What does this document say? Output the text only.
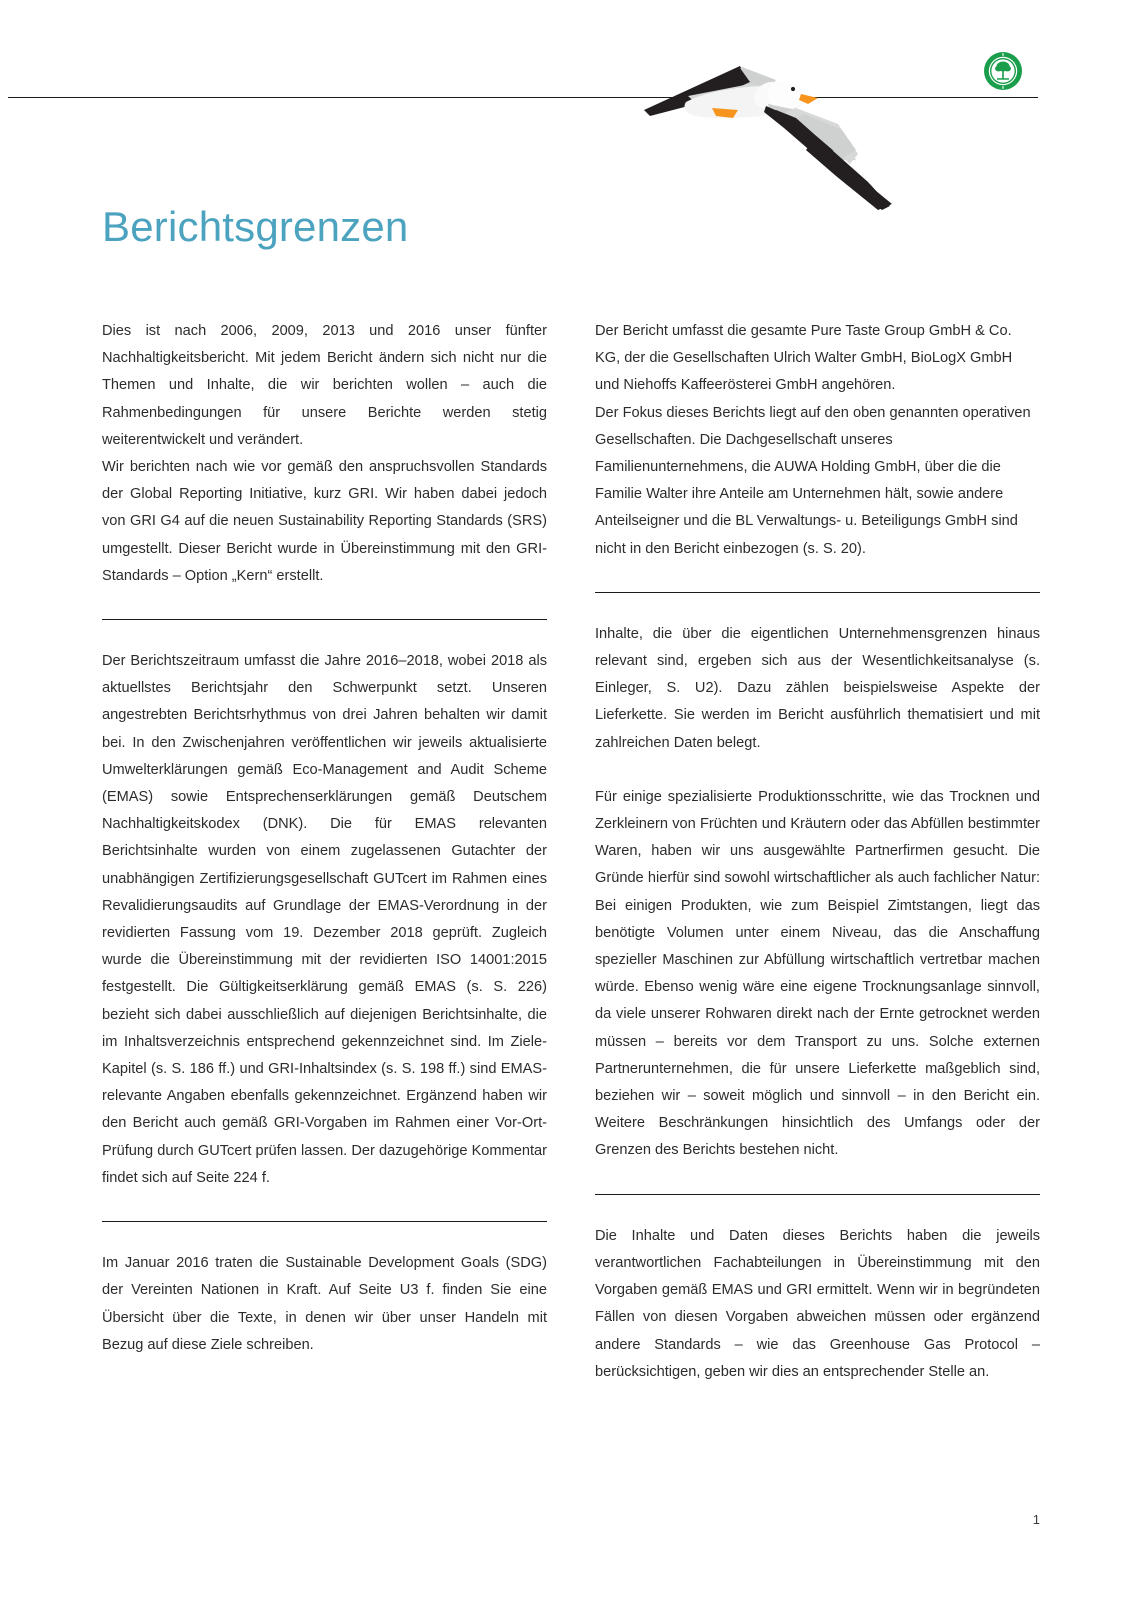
Berichtsgrenzen

Dies ist nach 2006, 2009, 2013 und 2016 unser fünfter Nachhaltigkeitsbericht. Mit jedem Bericht ändern sich nicht nur die Themen und Inhalte, die wir berichten wollen – auch die Rahmenbedingungen für unsere Berichte werden stetig weiterentwickelt und verändert.

Wir berichten nach wie vor gemäß den anspruchsvollen Standards der Global Reporting Initiative, kurz GRI. Wir haben dabei jedoch von GRI G4 auf die neuen Sustainability Reporting Standards (SRS) umgestellt. Dieser Bericht wurde in Übereinstimmung mit den GRI-Standards – Option „Kern“ erstellt.

Der Berichtszeitraum umfasst die Jahre 2016–2018, wobei 2018 als aktuellstes Berichtsjahr den Schwerpunkt setzt. Unseren angestrebten Berichtsrhythmus von drei Jahren behalten wir damit bei. In den Zwischenjahren veröffentlichen wir jeweils aktualisierte Umwelterklärungen gemäß Eco-Management and Audit Scheme (EMAS) sowie Entsprechenserklärungen gemäß Deutschem Nachhaltigkeitskodex (DNK). Die für EMAS relevanten Berichtsinhalte wurden von einem zugelassenen Gutachter der unabhängigen Zertifizierungsgesellschaft GUTcert im Rahmen eines Revalidierungsaudits auf Grundlage der EMAS-Verordnung in der revidierten Fassung vom 19. Dezember 2018 geprüft. Zugleich wurde die Übereinstimmung mit der revidierten ISO 14001:2015 festgestellt. Die Gültigkeitserklärung gemäß EMAS (s. S. 226) bezieht sich dabei ausschließlich auf diejenigen Berichtsinhalte, die im Inhaltsverzeichnis entsprechend gekennzeichnet sind. Im Ziele-Kapitel (s. S. 186 ff.) und GRI-Inhaltsindex (s. S. 198 ff.) sind EMAS-relevante Angaben ebenfalls gekennzeichnet. Ergänzend haben wir den Bericht auch gemäß GRI-Vorgaben im Rahmen einer Vor-Ort-Prüfung durch GUTcert prüfen lassen. Der dazugehörige Kommentar findet sich auf Seite 224 f.

Im Januar 2016 traten die Sustainable Development Goals (SDG) der Vereinten Nationen in Kraft. Auf Seite U3 f. finden Sie eine Übersicht über die Texte, in denen wir über unser Handeln mit Bezug auf diese Ziele schreiben.

Der Bericht umfasst die gesamte Pure Taste Group GmbH & Co. KG, der die Gesellschaften Ulrich Walter GmbH, BioLogX GmbH und Niehoffs Kaffeerösterei GmbH angehören.

Der Fokus dieses Berichts liegt auf den oben genannten operativen Gesellschaften. Die Dachgesellschaft unseres Familienunternehmens, die AUWA Holding GmbH, über die die Familie Walter ihre Anteile am Unternehmen hält, sowie andere Anteilseigner und die BL Verwaltungs- u. Beteiligungs GmbH sind nicht in den Bericht einbezogen (s. S. 20).

Inhalte, die über die eigentlichen Unternehmensgrenzen hinaus relevant sind, ergeben sich aus der Wesentlichkeitsanalyse (s. Einleger, S. U2). Dazu zählen beispielsweise Aspekte der Lieferkette. Sie werden im Bericht ausführlich thematisiert und mit zahlreichen Daten belegt.

Für einige spezialisierte Produktionsschritte, wie das Trocknen und Zerkleinern von Früchten und Kräutern oder das Abfüllen bestimmter Waren, haben wir uns ausgewählte Partnerfirmen gesucht. Die Gründe hierfür sind sowohl wirtschaftlicher als auch fachlicher Natur: Bei einigen Produkten, wie zum Beispiel Zimtstangen, liegt das benötigte Volumen unter einem Niveau, das die Anschaffung spezieller Maschinen zur Abfüllung wirtschaftlich vertretbar machen würde. Ebenso wenig wäre eine eigene Trocknungsanlage sinnvoll, da viele unserer Rohwaren direkt nach der Ernte getrocknet werden müssen – bereits vor dem Transport zu uns. Solche externen Partnerunternehmen, die für unsere Lieferkette maßgeblich sind, beziehen wir – soweit möglich und sinnvoll – in den Bericht ein. Weitere Beschränkungen hinsichtlich des Umfangs oder der Grenzen des Berichts bestehen nicht.

Die Inhalte und Daten dieses Berichts haben die jeweils verantwortlichen Fachabteilungen in Übereinstimmung mit den Vorgaben gemäß EMAS und GRI ermittelt. Wenn wir in begründeten Fällen von diesen Vorgaben abweichen müssen oder ergänzend andere Standards – wie das Greenhouse Gas Protocol – berücksichtigen, geben wir dies an entsprechender Stelle an.

1
